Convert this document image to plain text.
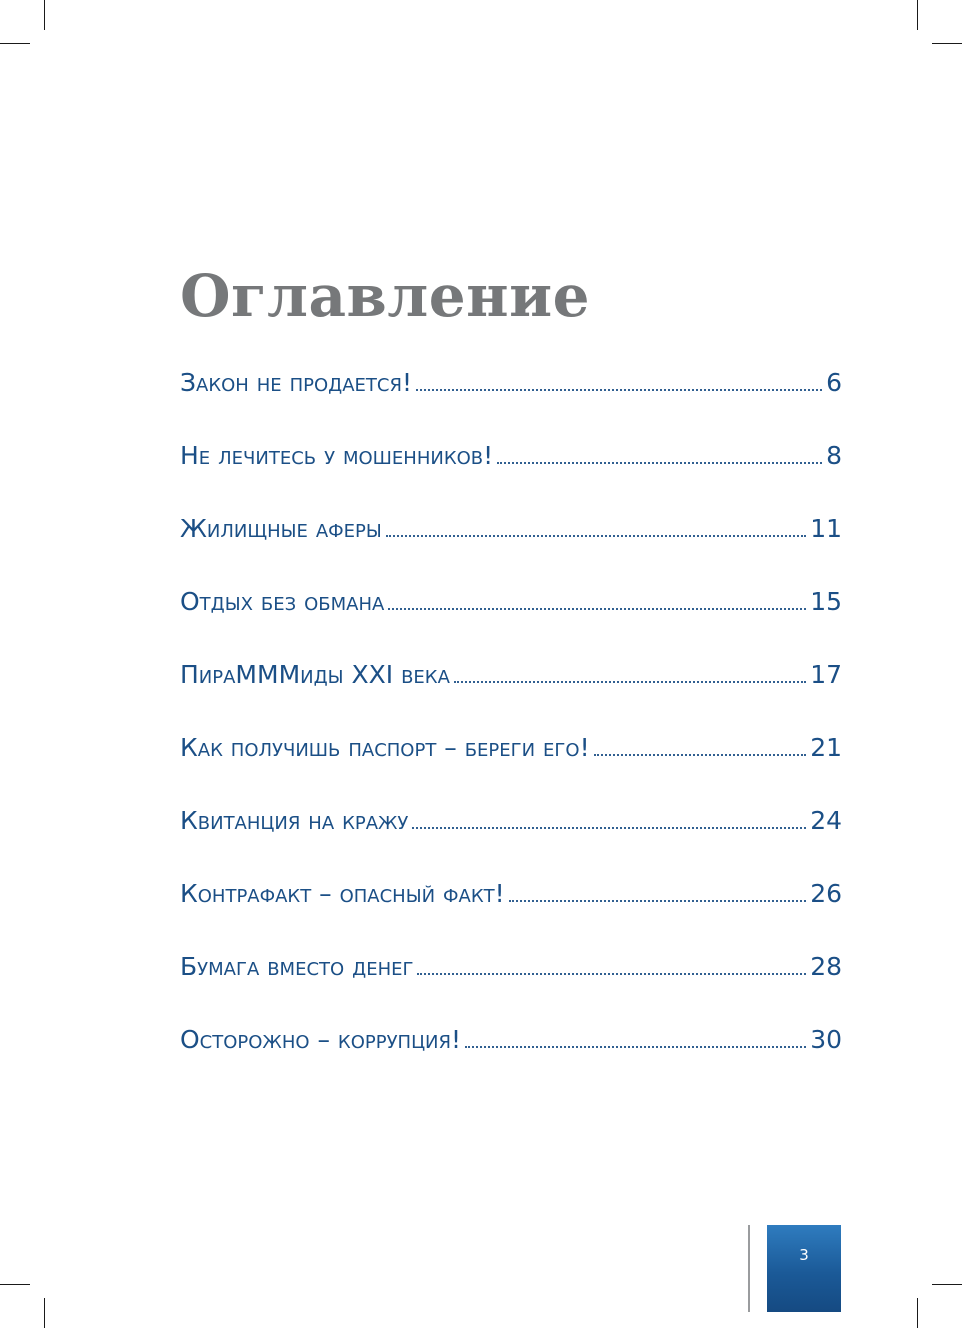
Оглавление
Закон не продается!	6
Не лечитесь у мошенников!	8
Жилищные аферы	11
Отдых без обмана	15
ПираМММиды XXI века	17
Как получишь паспорт – береги его!	21
Квитанция на кражу	24
Контрафакт – опасный факт!	26
Бумага вместо денег	28
Осторожно – коррупция!	30
3
